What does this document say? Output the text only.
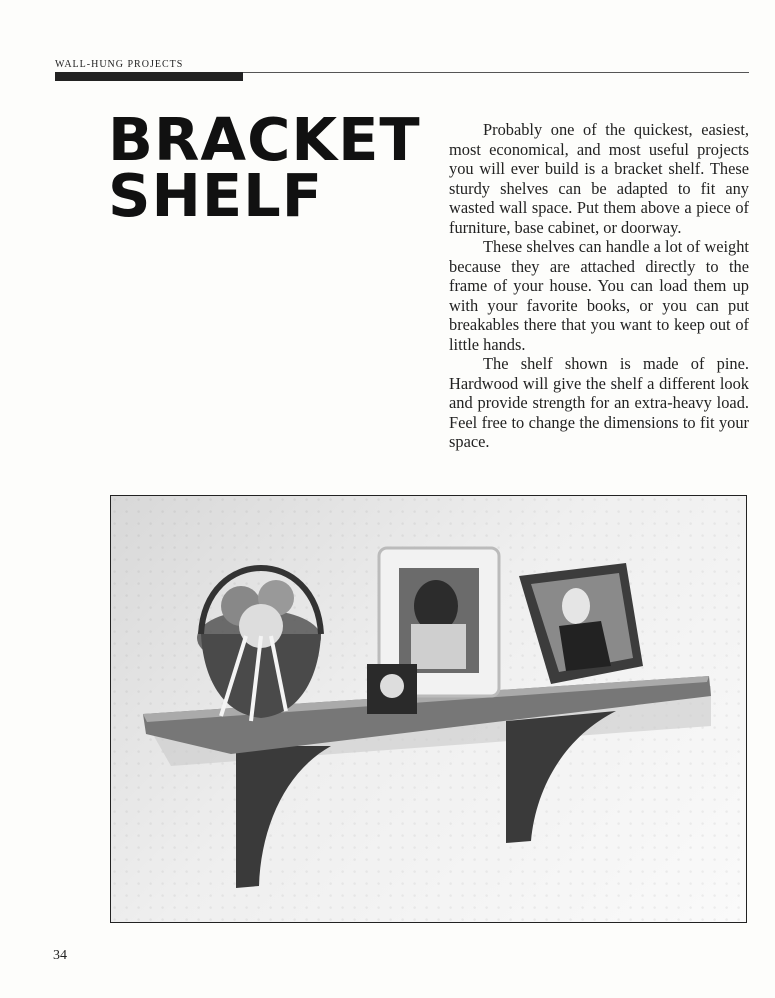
WALL-HUNG PROJECTS
BRACKET
SHELF

Probably one of the quickest, easiest, most economical, and most useful projects you will ever build is a bracket shelf. These sturdy shelves can be adapted to fit any wasted wall space. Put them above a piece of furniture, base cabinet, or doorway.

These shelves can handle a lot of weight because they are attached directly to the frame of your house. You can load them up with your favorite books, or you can put breakables there that you want to keep out of little hands.

The shelf shown is made of pine. Hardwood will give the shelf a different look and provide strength for an extra-heavy load. Feel free to change the dimensions to fit your space.

34
